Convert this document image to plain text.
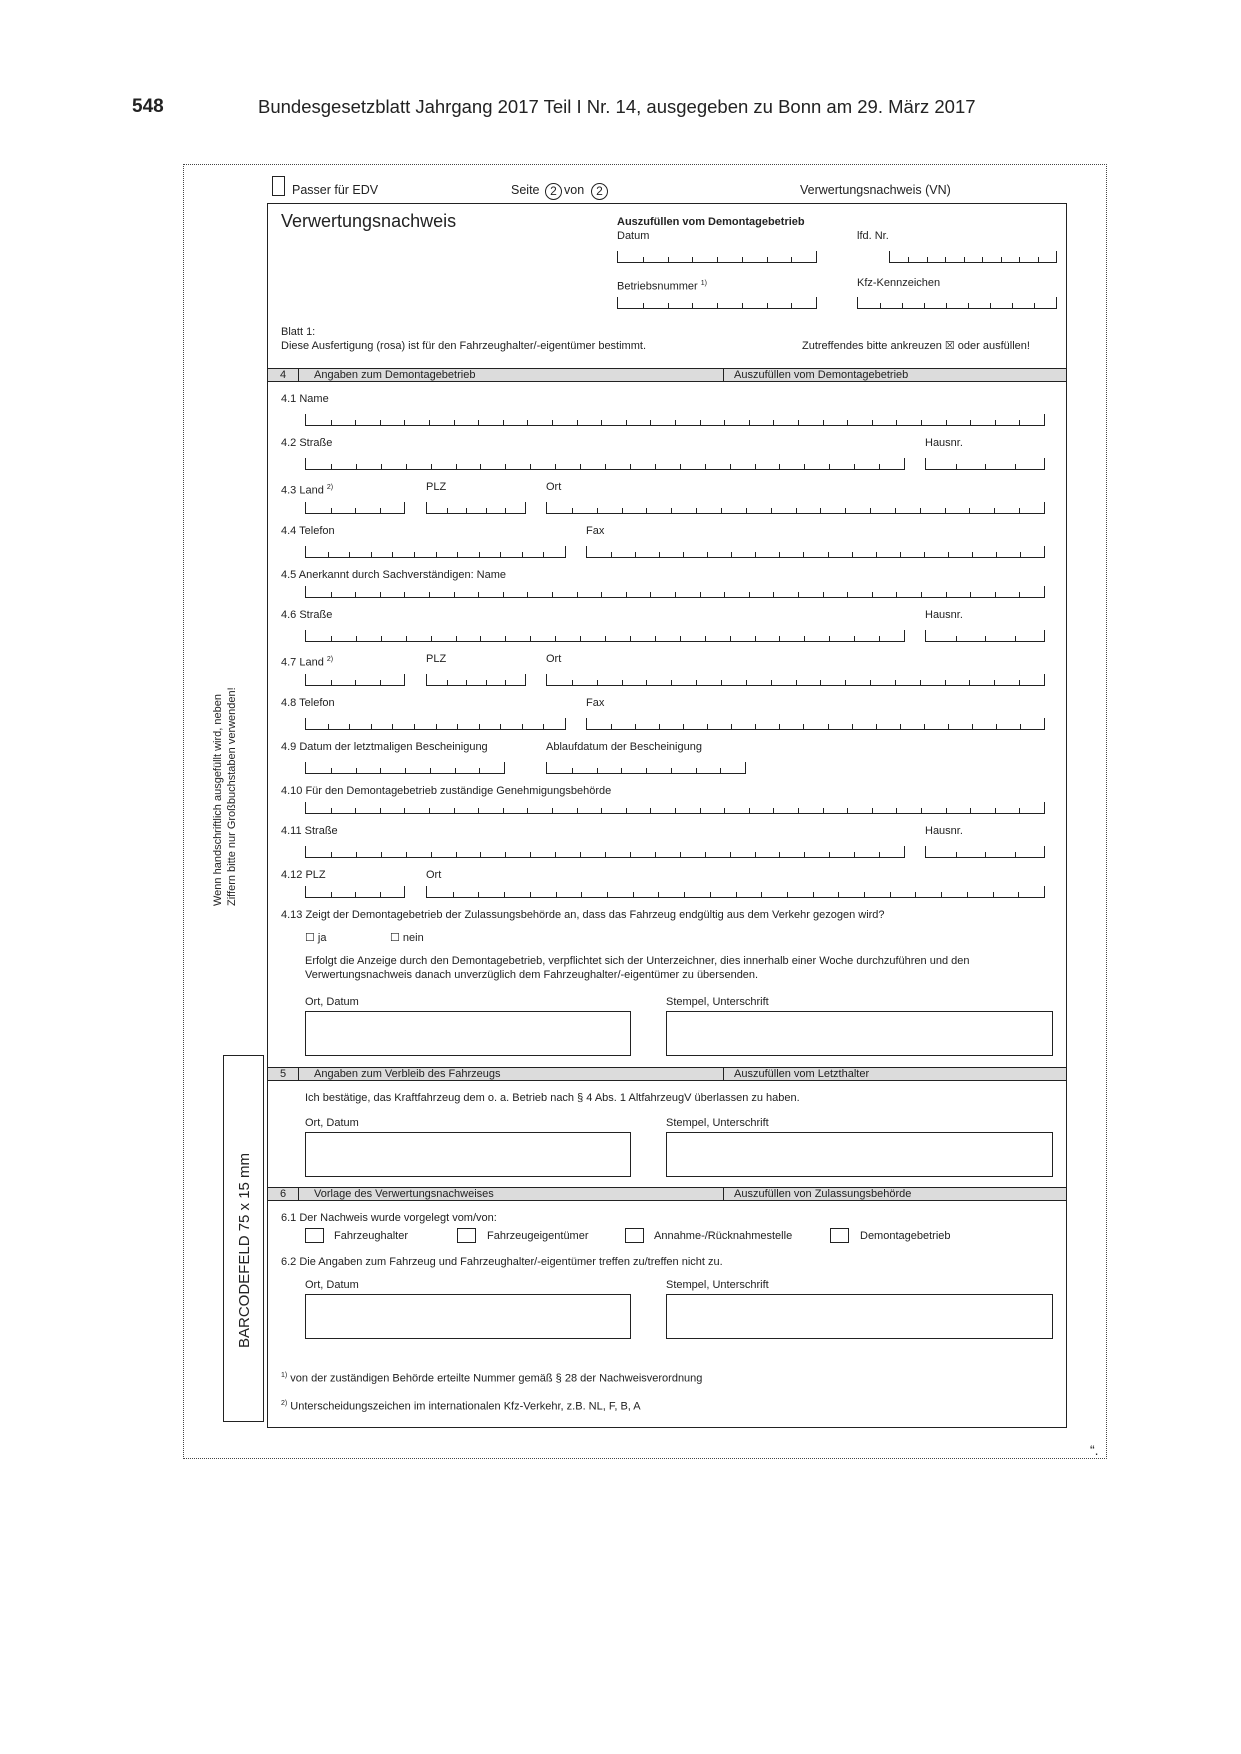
548	Bundesgesetzblatt Jahrgang 2017 Teil I Nr. 14, ausgegeben zu Bonn am 29. März 2017
Passer für EDV	Seite 2 von	2	Verwertungsnachweis (VN)
Verwertungsnachweis	Auszufüllen vom Demontagebetrieb
Datum	lfd. Nr.
Betriebsnummer $^{1)}$	Kfz-Kennzeichen
Blatt 1:
Diese Ausfertigung (rosa) ist für den Fahrzeughalter/-eigentümer bestimmt.	Zutreffendes bitte ankreuzen ☒ oder ausfüllen!
4	Angaben zum Demontagebetrieb	Auszufüllen vom Demontagebetrieb
4.1 Name
4.2 Straße	Hausnr.
4.3 Land $^{2)}$	PLZ	Ort
4.4 Telefon	Fax
4.5 Anerkannt durch Sachverständigen: Name
4.6 Straße	Hausnr.
4.7 Land $^{2)}$	PLZ	Ort
4.8 Telefon	Fax
4.9 Datum der letztmaligen Bescheinigung	Ablaufdatum der Bescheinigung
4.10 Für den Demontagebetrieb zuständige Genehmigungsbehörde
4.11 Straße	Hausnr.
4.12 PLZ	Ort
4.13 Zeigt der Demontagebetrieb der Zulassungsbehörde an, dass das Fahrzeug endgültig aus dem Verkehr gezogen wird?
☐ ja	☐ nein
Erfolgt die Anzeige durch den Demontagebetrieb, verpflichtet sich der Unterzeichner, dies innerhalb einer Woche durchzuführen und den
Verwertungsnachweis danach unverzüglich dem Fahrzeughalter/-eigentümer zu übersenden.
Ort, Datum	Stempel, Unterschrift
5	Angaben zum Verbleib des Fahrzeugs	Auszufüllen vom Letzthalter
Ich bestätige, das Kraftfahrzeug dem o. a. Betrieb nach § 4 Abs. 1 AltfahrzeugV überlassen zu haben.
Ort, Datum	Stempel, Unterschrift
6	Vorlage des Verwertungsnachweises	Auszufüllen von Zulassungsbehörde
6.1 Der Nachweis wurde vorgelegt vom/von:
Fahrzeughalter	Fahrzeugeigentümer	Annahme-/Rücknahmestelle	Demontagebetrieb
6.2 Die Angaben zum Fahrzeug und Fahrzeughalter/-eigentümer treffen zu/treffen nicht zu.
Ort, Datum	Stempel, Unterschrift
$^{1)}$ von der zuständigen Behörde erteilte Nummer gemäß § 28 der Nachweisverordnung
$^{2)}$ Unterscheidungszeichen im internationalen Kfz-Verkehr, z.B. NL, F, B, A
Wenn handschriftlich ausgefüllt wird, neben Ziffern bitte nur Großbuchstaben verwenden!
BARCODEFELD 75 x 15 mm
“.
